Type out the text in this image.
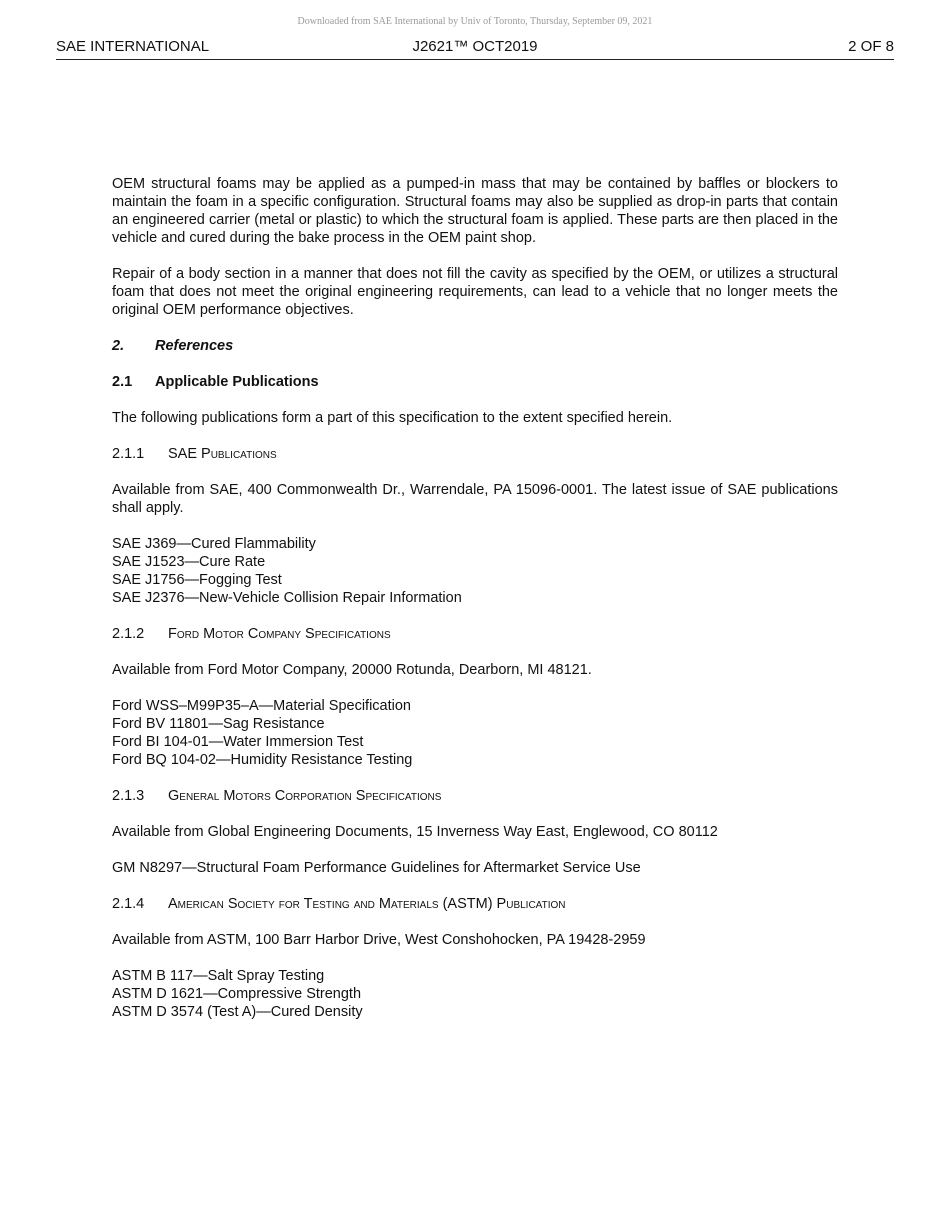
Downloaded from SAE International by Univ of Toronto, Thursday, September 09, 2021
SAE INTERNATIONAL	J2621™ OCT2019	2 OF 8

OEM structural foams may be applied as a pumped-in mass that may be contained by baffles or blockers to maintain the foam in a specific configuration. Structural foams may also be supplied as drop-in parts that contain an engineered carrier (metal or plastic) to which the structural foam is applied. These parts are then placed in the vehicle and cured during the bake process in the OEM paint shop.

Repair of a body section in a manner that does not fill the cavity as specified by the OEM, or utilizes a structural foam that does not meet the original engineering requirements, can lead to a vehicle that no longer meets the original OEM performance objectives.

2. References

2.1 Applicable Publications

The following publications form a part of this specification to the extent specified herein.

2.1.1 SAE Publications

Available from SAE, 400 Commonwealth Dr., Warrendale, PA 15096-0001. The latest issue of SAE publications shall apply.

SAE J369—Cured Flammability
SAE J1523—Cure Rate
SAE J1756—Fogging Test
SAE J2376—New-Vehicle Collision Repair Information

2.1.2 Ford Motor Company Specifications

Available from Ford Motor Company, 20000 Rotunda, Dearborn, MI 48121.

Ford WSS–M99P35–A—Material Specification
Ford BV 11801—Sag Resistance
Ford BI 104-01—Water Immersion Test
Ford BQ 104-02—Humidity Resistance Testing

2.1.3 General Motors Corporation Specifications

Available from Global Engineering Documents, 15 Inverness Way East, Englewood, CO 80112

GM N8297—Structural Foam Performance Guidelines for Aftermarket Service Use

2.1.4 American Society for Testing and Materials (ASTM) Publication

Available from ASTM, 100 Barr Harbor Drive, West Conshohocken, PA 19428-2959

ASTM B 117—Salt Spray Testing
ASTM D 1621—Compressive Strength
ASTM D 3574 (Test A)—Cured Density
